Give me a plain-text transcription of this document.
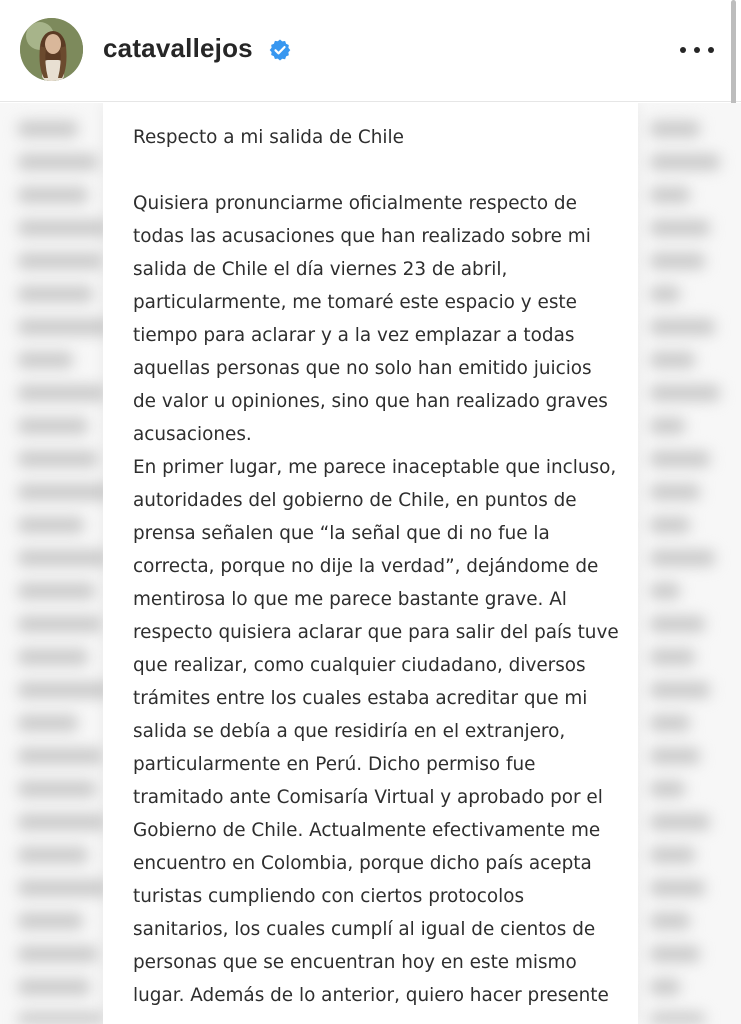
catavallejos
Respecto a mi salida de Chile
Quisiera pronunciarme oficialmente respecto de
todas las acusaciones que han realizado sobre mi
salida de Chile el día viernes 23 de abril,
particularmente, me tomaré este espacio y este
tiempo para aclarar y a la vez emplazar a todas
aquellas personas que no solo han emitido juicios
de valor u opiniones, sino que han realizado graves
acusaciones.
En primer lugar, me parece inaceptable que incluso,
autoridades del gobierno de Chile, en puntos de
prensa señalen que “la señal que di no fue la
correcta, porque no dije la verdad”, dejándome de
mentirosa lo que me parece bastante grave. Al
respecto quisiera aclarar que para salir del país tuve
que realizar, como cualquier ciudadano, diversos
trámites entre los cuales estaba acreditar que mi
salida se debía a que residiría en el extranjero,
particularmente en Perú. Dicho permiso fue
tramitado ante Comisaría Virtual y aprobado por el
Gobierno de Chile. Actualmente efectivamente me
encuentro en Colombia, porque dicho país acepta
turistas cumpliendo con ciertos protocolos
sanitarios, los cuales cumplí al igual de cientos de
personas que se encuentran hoy en este mismo
lugar. Además de lo anterior, quiero hacer presente
